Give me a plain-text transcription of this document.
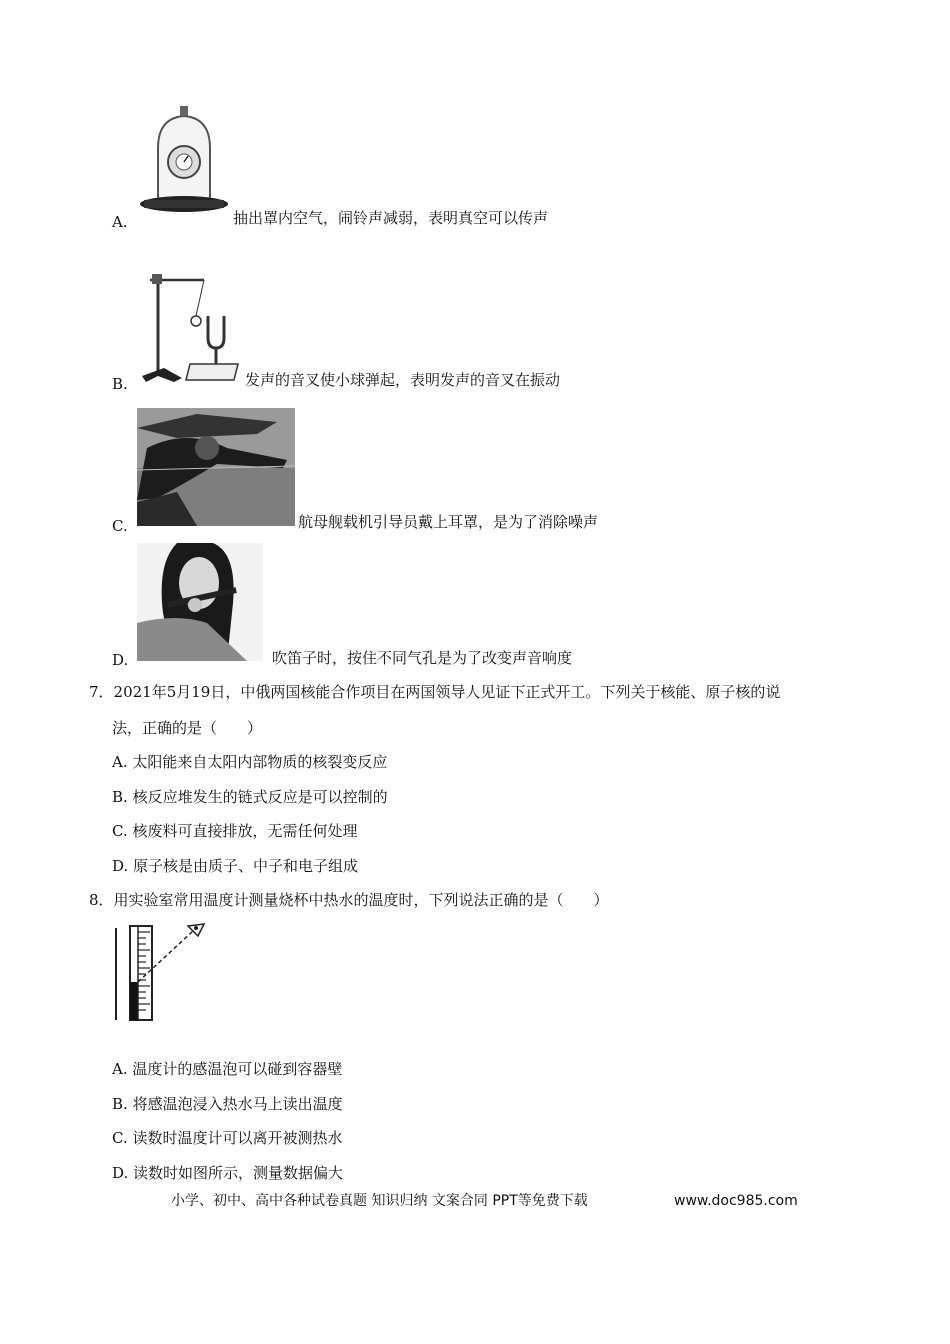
A.	抽出罩内空气，闹铃声减弱，表明真空可以传声
B.	发声的音叉使小球弹起，表明发声的音叉在振动
C.	航母舰载机引导员戴上耳罩，是为了消除噪声
D.	吹笛子时，按住不同气孔是为了改变声音响度
7．2021年5月19日，中俄两国核能合作项目在两国领导人见证下正式开工。下列关于核能、原子核的说
法，正确的是（　　）
A. 太阳能来自太阳内部物质的核裂变反应
B. 核反应堆发生的链式反应是可以控制的
C. 核废料可直接排放，无需任何处理
D. 原子核是由质子、中子和电子组成
8．用实验室常用温度计测量烧杯中热水的温度时，下列说法正确的是（　　）
A. 温度计的感温泡可以碰到容器壁
B. 将感温泡浸入热水马上读出温度
C. 读数时温度计可以离开被测热水
D. 读数时如图所示，测量数据偏大
小学、初中、高中各种试卷真题 知识归纳 文案合同 PPT等免费下载	www.doc985.com
